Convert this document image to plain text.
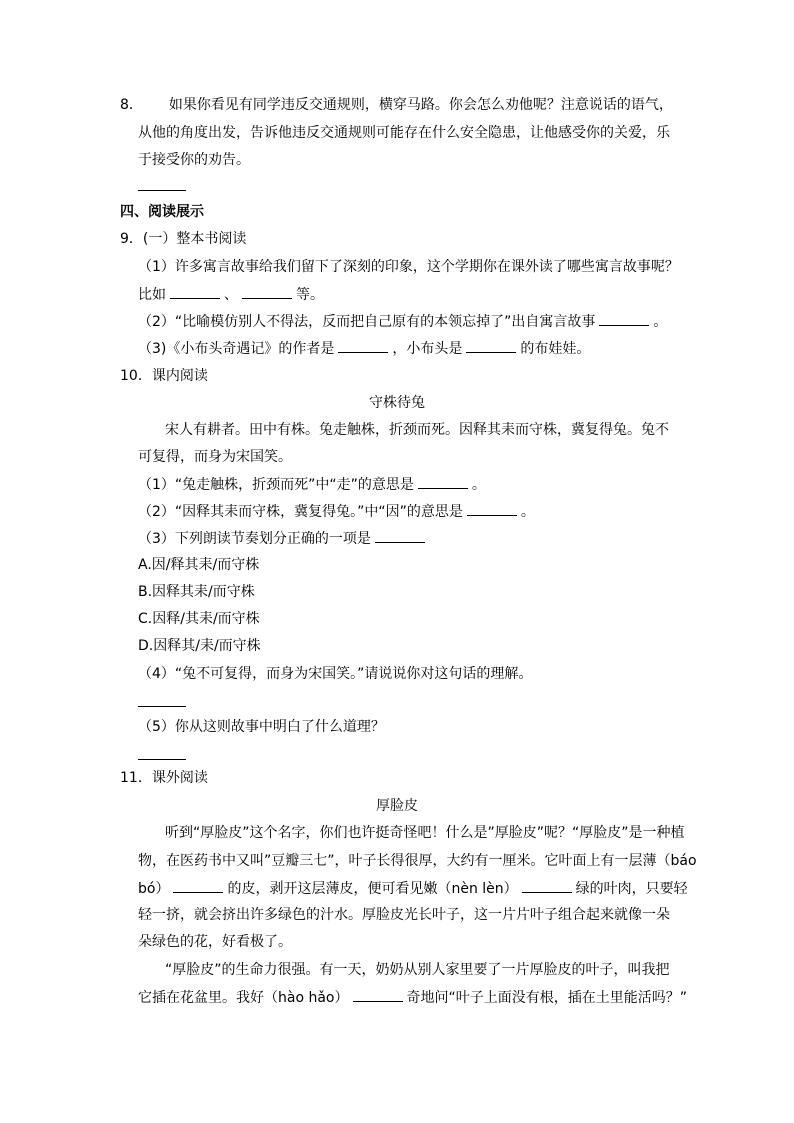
8． 如果你看见有同学违反交通规则，横穿马路。你会怎么劝他呢？注意说话的语气，
从他的角度出发，告诉他违反交通规则可能存在什么安全隐患，让他感受你的关爱，乐
于接受你的劝告。
四、阅读展示
9．(一）整本书阅读
（1）许多寓言故事给我们留下了深刻的印象，这个学期你在课外读了哪些寓言故事呢？
比如	、	等。
（2）“比喻模仿别人不得法，反而把自己原有的本领忘掉了”出自寓言故事	。
（3)《小布头奇遇记》的作者是	，小布头是	的布娃娃。
10．课内阅读
守株待兔
宋人有耕者。田中有株。兔走触株，折颈而死。因释其耒而守株，冀复得兔。兔不
可复得，而身为宋国笑。
（1）“兔走触株，折颈而死”中“走”的意思是	。
（2）“因释其耒而守株，冀复得兔。”中“因”的意思是	。
（3）下列朗读节奏划分正确的一项是
A.因/释其耒/而守株
B.因释其耒/而守株
C.因释/其耒/而守株
D.因释其/耒/而守株
（4）“兔不可复得，而身为宋国笑。”请说说你对这句话的理解。
（5）你从这则故事中明白了什么道理？
11．课外阅读
厚脸皮
听到“厚脸皮”这个名字，你们也许挺奇怪吧！什么是”厚脸皮”呢？“厚脸皮”是一种植
物，在医药书中又叫”豆瓣三七”，叶子长得很厚，大约有一厘米。它叶面上有一层薄（báo
bó）	的皮，剥开这层薄皮，便可看见嫩（nèn lèn）	绿的叶肉，只要轻
轻一挤，就会挤出许多绿色的汁水。厚脸皮光长叶子，这一片片叶子组合起来就像一朵
朵绿色的花，好看极了。
“厚脸皮”的生命力很强。有一天，奶奶从别人家里要了一片厚脸皮的叶子，叫我把
它插在花盆里。我好（hào hǎo）	奇地问“叶子上面没有根，插在土里能活吗？”
